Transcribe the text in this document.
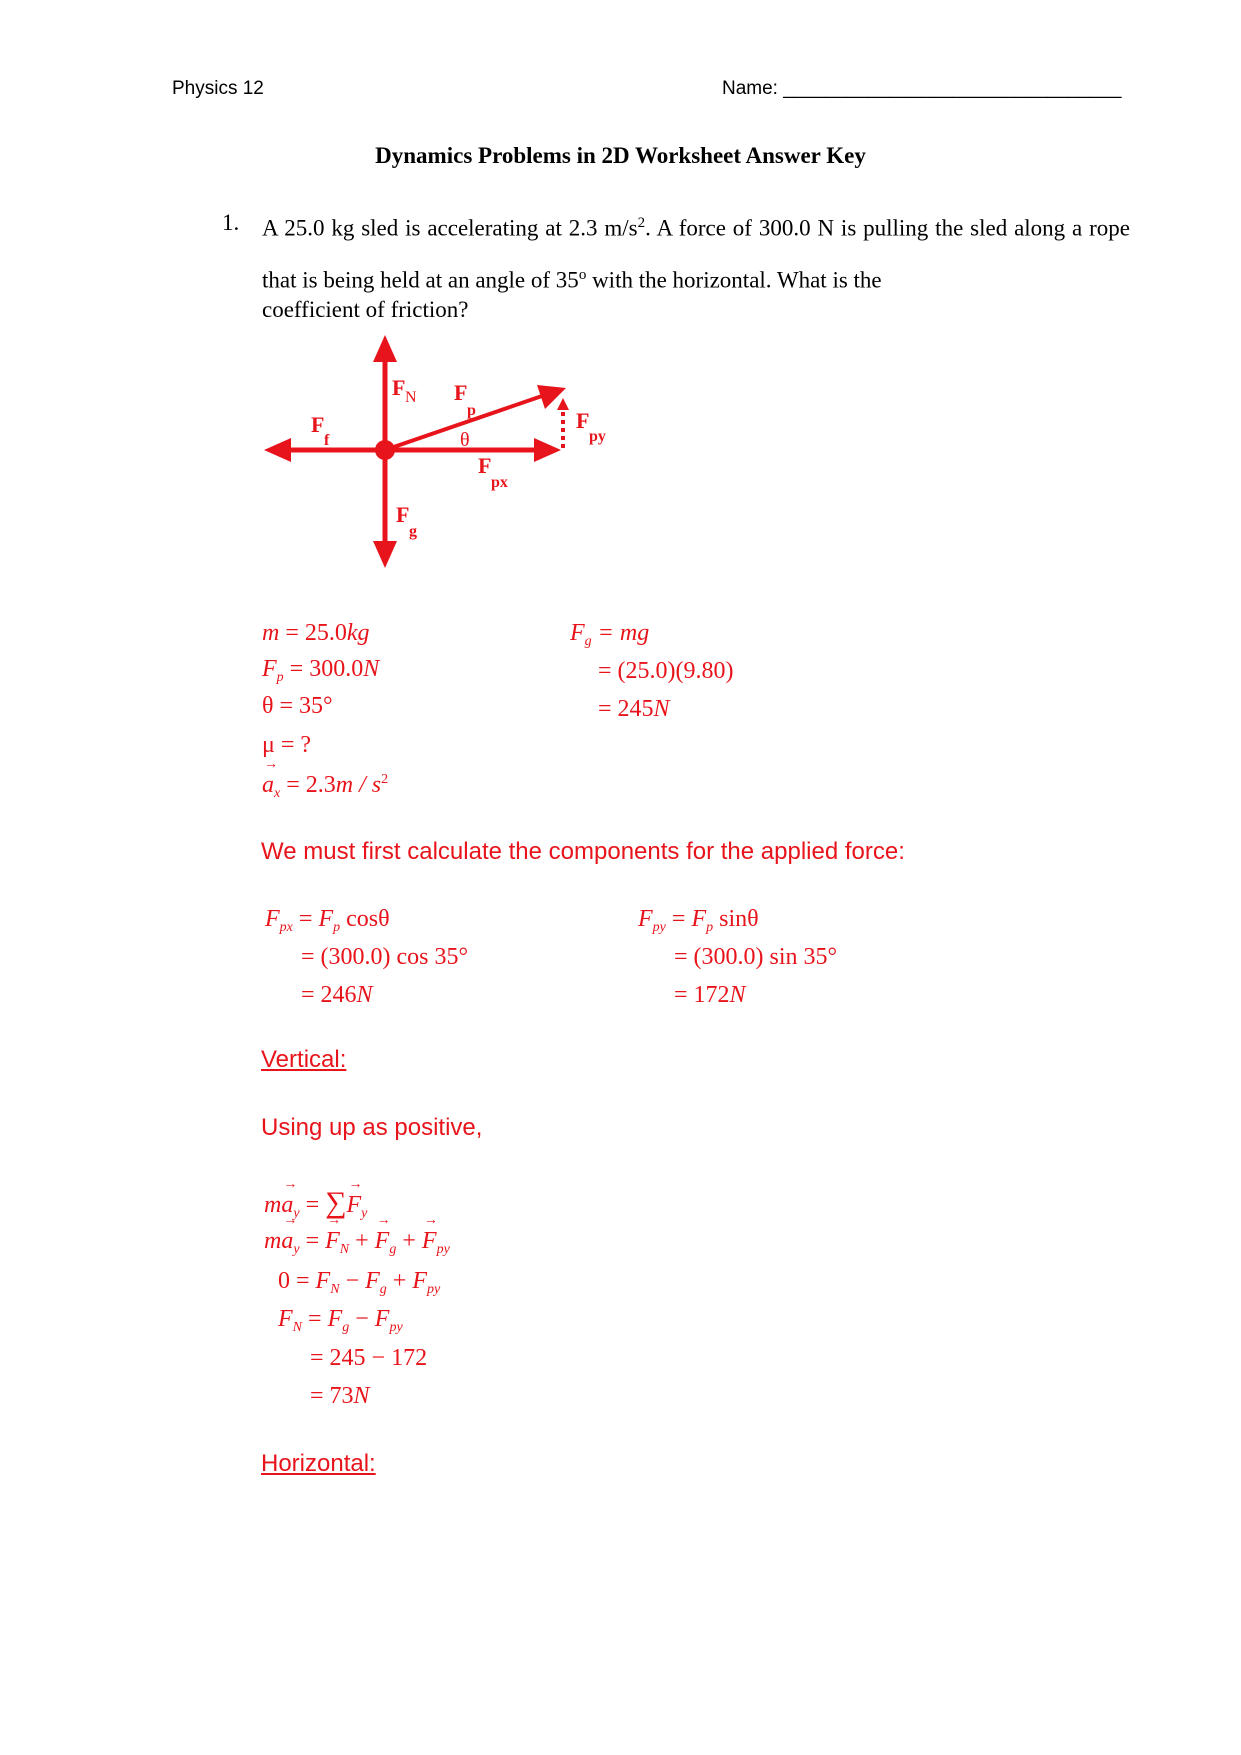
Physics 12	Name: ________________________________
Dynamics Problems in 2D Worksheet Answer Key
1. A 25.0 kg sled is accelerating at 2.3 $m/s^2$. A force of 300.0 N is pulling the sled along a rope that is being held at an angle of 35$^o$ with the horizontal. What is the
coefficient of friction?
F N F
p
θ
F
f
F
py
F
px
F
g
m = 25.0kg
$F_p = 300.0N$
θ = 35°
μ = ?
→ $a_x = 2.3m / s^2$
$F_g$ = mg
= (25.0)(9.80)
= 245N
We must first calculate the components for the applied force:
$F_{px} = F_p$ cosθ
= (300.0) cos 35°
= 246N
$F_{py} = F_p$ sinθ
= (300.0) sin 35°
= 172N
Vertical:
Using up as positive,
$m\to a_y$ = ∑→ $F_y$
$m\to a_y$ = → $F_N$ + → $F_g$ + → $F_{py}$
$0 = F_N - F_g + F_{py}$
$F_N = F_g - F_{py}$
= 245 − 172
= 73N
Horizontal:
